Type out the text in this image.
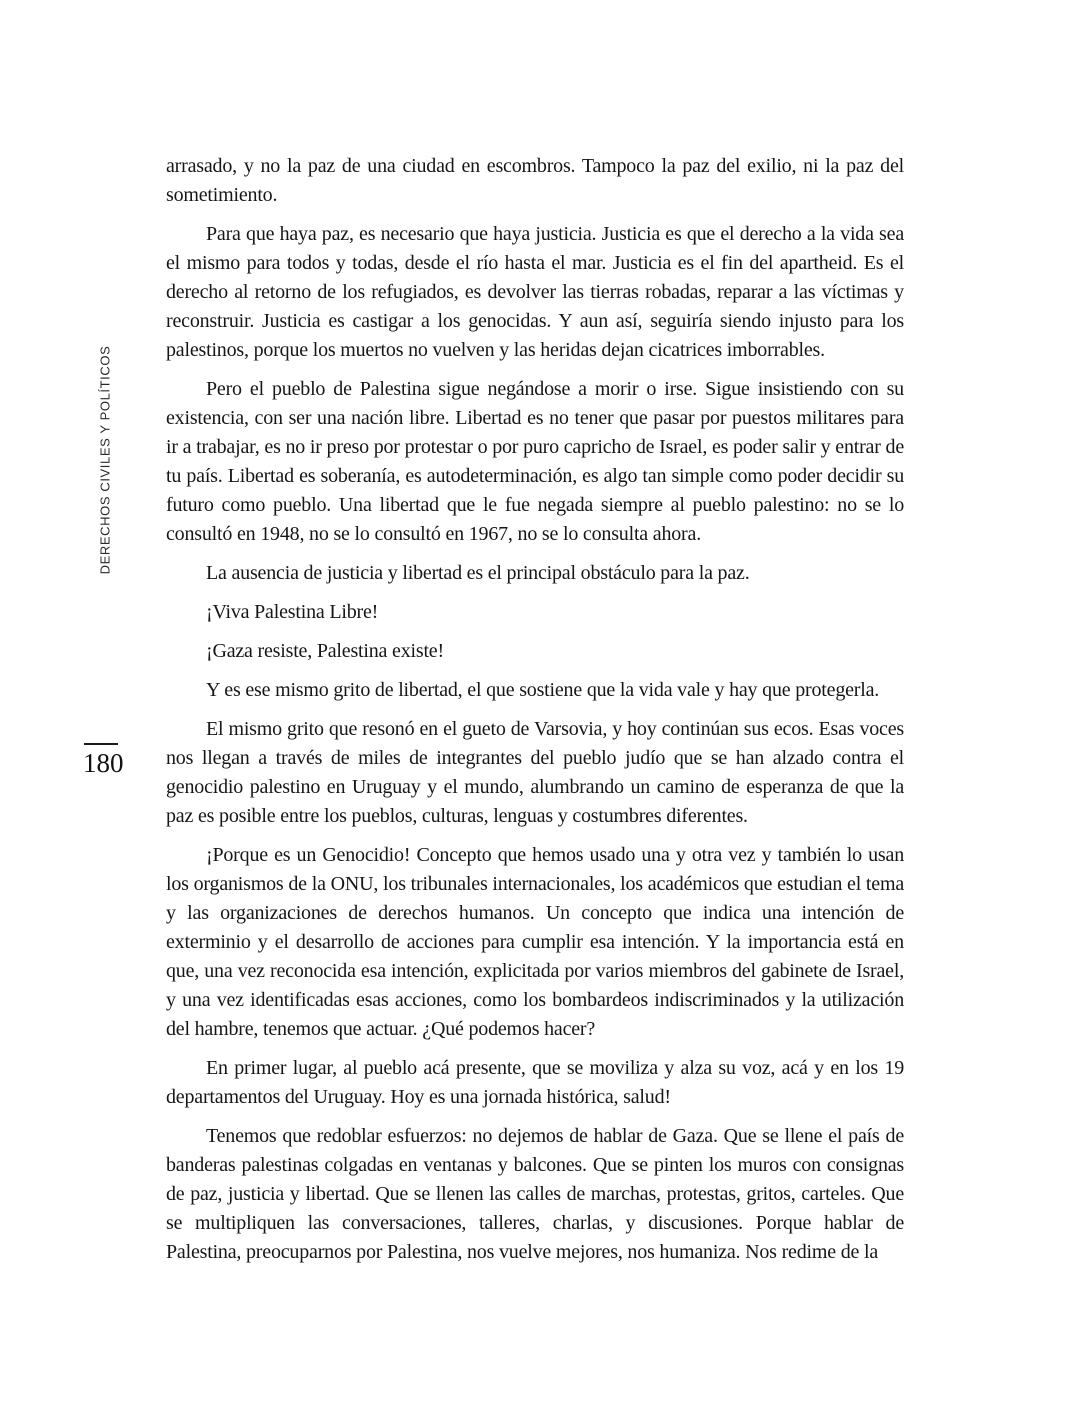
DERECHOS CIVILES Y POLÍTICOS
180

arrasado, y no la paz de una ciudad en escombros. Tampoco la paz del exilio, ni la paz del sometimiento.

Para que haya paz, es necesario que haya justicia. Justicia es que el derecho a la vida sea el mismo para todos y todas, desde el río hasta el mar. Justicia es el fin del apartheid. Es el derecho al retorno de los refugiados, es devolver las tierras robadas, reparar a las víctimas y reconstruir. Justicia es castigar a los genocidas. Y aun así, seguiría siendo injusto para los palestinos, porque los muertos no vuelven y las heridas dejan cicatrices imborrables.

Pero el pueblo de Palestina sigue negándose a morir o irse. Sigue insistiendo con su existencia, con ser una nación libre. Libertad es no tener que pasar por puestos militares para ir a trabajar, es no ir preso por protestar o por puro capricho de Israel, es poder salir y entrar de tu país. Libertad es soberanía, es autodeterminación, es algo tan simple como poder decidir su futuro como pueblo. Una libertad que le fue negada siempre al pueblo palestino: no se lo consultó en 1948, no se lo consultó en 1967, no se lo consulta ahora.

La ausencia de justicia y libertad es el principal obstáculo para la paz.

¡Viva Palestina Libre!

¡Gaza resiste, Palestina existe!

Y es ese mismo grito de libertad, el que sostiene que la vida vale y hay que protegerla.

El mismo grito que resonó en el gueto de Varsovia, y hoy continúan sus ecos. Esas voces nos llegan a través de miles de integrantes del pueblo judío que se han alzado contra el genocidio palestino en Uruguay y el mundo, alumbrando un camino de esperanza de que la paz es posible entre los pueblos, culturas, lenguas y costumbres diferentes.

¡Porque es un Genocidio! Concepto que hemos usado una y otra vez y también lo usan los organismos de la ONU, los tribunales internacionales, los académicos que estudian el tema y las organizaciones de derechos humanos. Un concepto que indica una intención de exterminio y el desarrollo de acciones para cumplir esa intención. Y la importancia está en que, una vez reconocida esa intención, explicitada por varios miembros del gabinete de Israel, y una vez identificadas esas acciones, como los bombardeos indiscriminados y la utilización del hambre, tenemos que actuar. ¿Qué podemos hacer?

En primer lugar, al pueblo acá presente, que se moviliza y alza su voz, acá y en los 19 departamentos del Uruguay. Hoy es una jornada histórica, salud!

Tenemos que redoblar esfuerzos: no dejemos de hablar de Gaza. Que se llene el país de banderas palestinas colgadas en ventanas y balcones. Que se pinten los muros con consignas de paz, justicia y libertad. Que se llenen las calles de marchas, protestas, gritos, carteles. Que se multipliquen las conversaciones, talleres, charlas, y discusiones. Porque hablar de Palestina, preocuparnos por Palestina, nos vuelve mejores, nos humaniza. Nos redime de la
